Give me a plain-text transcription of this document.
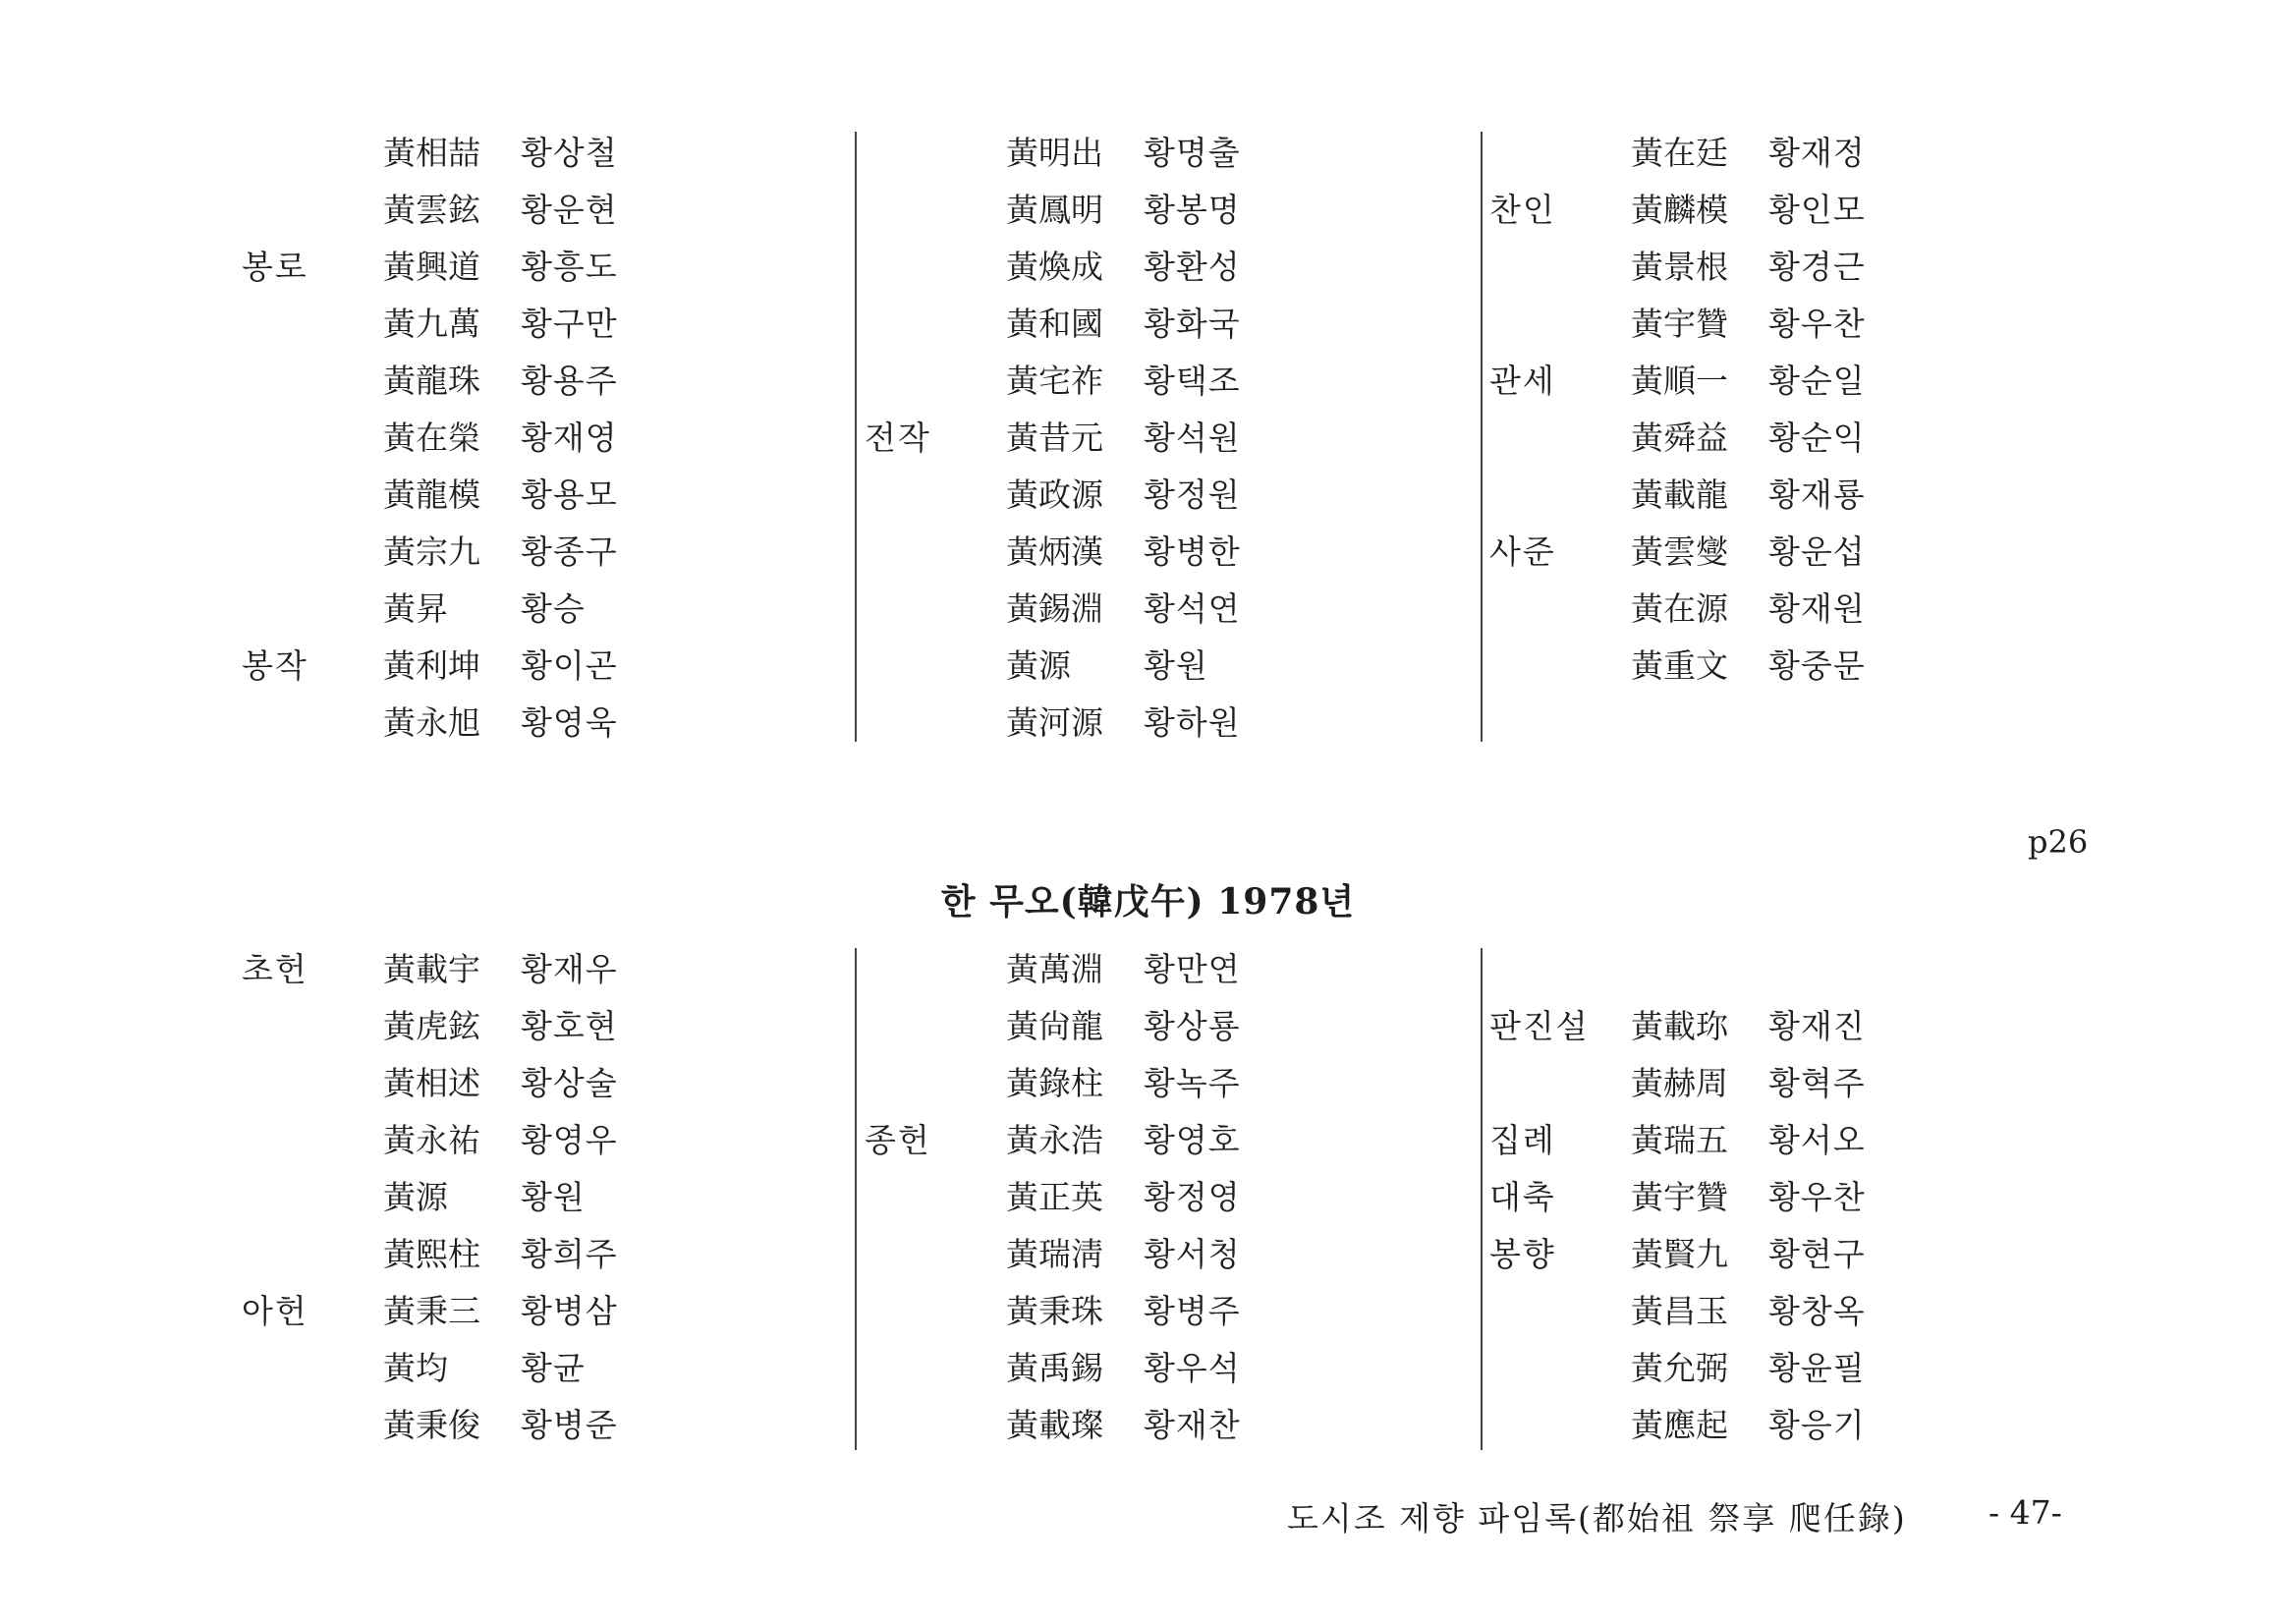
黃相喆 황상철
黃雲鉉 황운현
봉로 黃興道 황흥도
黃九萬 황구만
黃龍珠 황용주
黃在榮 황재영
黃龍模 황용모
黃宗九 황종구
黃昇 황승
봉작 黃利坤 황이곤
黃永旭 황영욱
黃明出 황명출
黃鳳明 황봉명
黃煥成 황환성
黃和國 황화국
黃宅祚 황택조
전작 黃昔元 황석원
黃政源 황정원
黃炳漢 황병한
黃錫淵 황석연
黃源 황원
黃河源 황하원
黃在廷 황재정
찬인 黃麟模 황인모
黃景根 황경근
黃宇贊 황우찬
관세 黃順一 황순일
黃舜益 황순익
黃載龍 황재룡
사준 黃雲燮 황운섭
黃在源 황재원
黃重文 황중문
p26
한 무오(韓戊午) 1978년
초헌 黃載宇 황재우
黃虎鉉 황호현
黃相述 황상술
黃永祐 황영우
黃源 황원
黃熙柱 황희주
아헌 黃秉三 황병삼
黃均 황균
黃秉俊 황병준
黃萬淵 황만연
黃尙龍 황상룡
黃錄柱 황녹주
종헌 黃永浩 황영호
黃正英 황정영
黃瑞淸 황서청
黃秉珠 황병주
黃禹錫 황우석
黃載璨 황재찬
판진설 黃載珎 황재진
黃赫周 황혁주
집례 黃瑞五 황서오
대축 黃宇贊 황우찬
봉향 黃賢九 황현구
黃昌玉 황창옥
黃允弼 황윤필
黃應起 황응기
도시조 제향 파임록(都始祖 祭享 爬任錄)	- 47-
